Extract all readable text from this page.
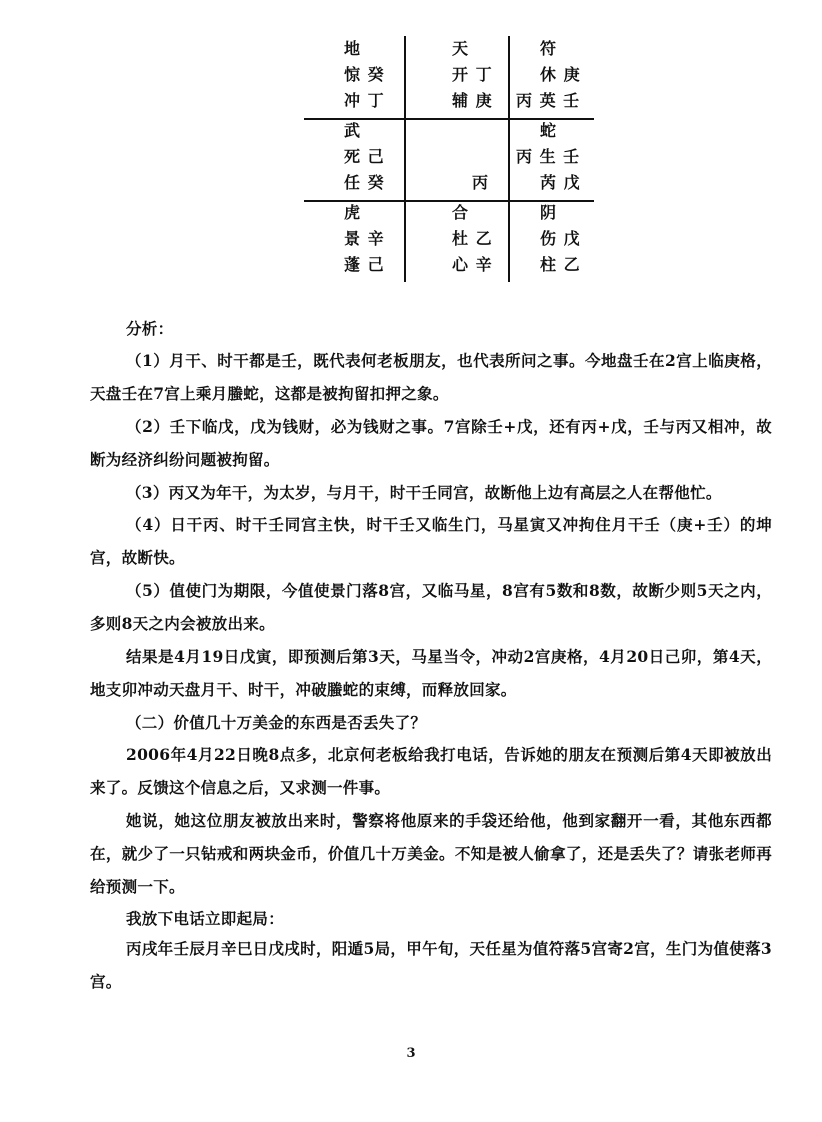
地
惊 癸
冲 丁
天
开 丁
辅 庚
符
休 庚
丙 英 壬
武
死 己
任 癸	丙
蛇
丙 生 壬
芮 戊
虎
景 辛
蓬 己
合
杜 乙
心 辛
阴
伤 戊
柱 乙
分析：
（1）月干、时干都是壬，既代表何老板朋友，也代表所问之事。今地盘壬在2宫上临庚格，天盘壬在7宫上乘月螣蛇，这都是被拘留扣押之象。
（2）壬下临戊，戊为钱财，必为钱财之事。7宫除壬+戊，还有丙+戊，壬与丙又相冲，故断为经济纠纷问题被拘留。
（3）丙又为年干，为太岁，与月干，时干壬同宫，故断他上边有高层之人在帮他忙。
（4）日干丙、时干壬同宫主快，时干壬又临生门，马星寅又冲拘住月干壬（庚+壬）的坤宫，故断快。
（5）值使门为期限，今值使景门落8宫，又临马星，8宫有5数和8数，故断少则5天之内，多则8天之内会被放出来。
结果是4月19日戊寅，即预测后第3天，马星当令，冲动2宫庚格，4月20日己卯，第4天，地支卯冲动天盘月干、时干，冲破螣蛇的束缚，而释放回家。
（二）价值几十万美金的东西是否丢失了？
2006年4月22日晚8点多，北京何老板给我打电话，告诉她的朋友在预测后第4天即被放出来了。反馈这个信息之后，又求测一件事。
她说，她这位朋友被放出来时，警察将他原来的手袋还给他，他到家翻开一看，其他东西都在，就少了一只钻戒和两块金币，价值几十万美金。不知是被人偷拿了，还是丢失了？请张老师再给预测一下。
我放下电话立即起局：
丙戌年壬辰月辛巳日戊戌时，阳遁5局，甲午旬，天任星为值符落5宫寄2宫，生门为值使落3宫。
3
